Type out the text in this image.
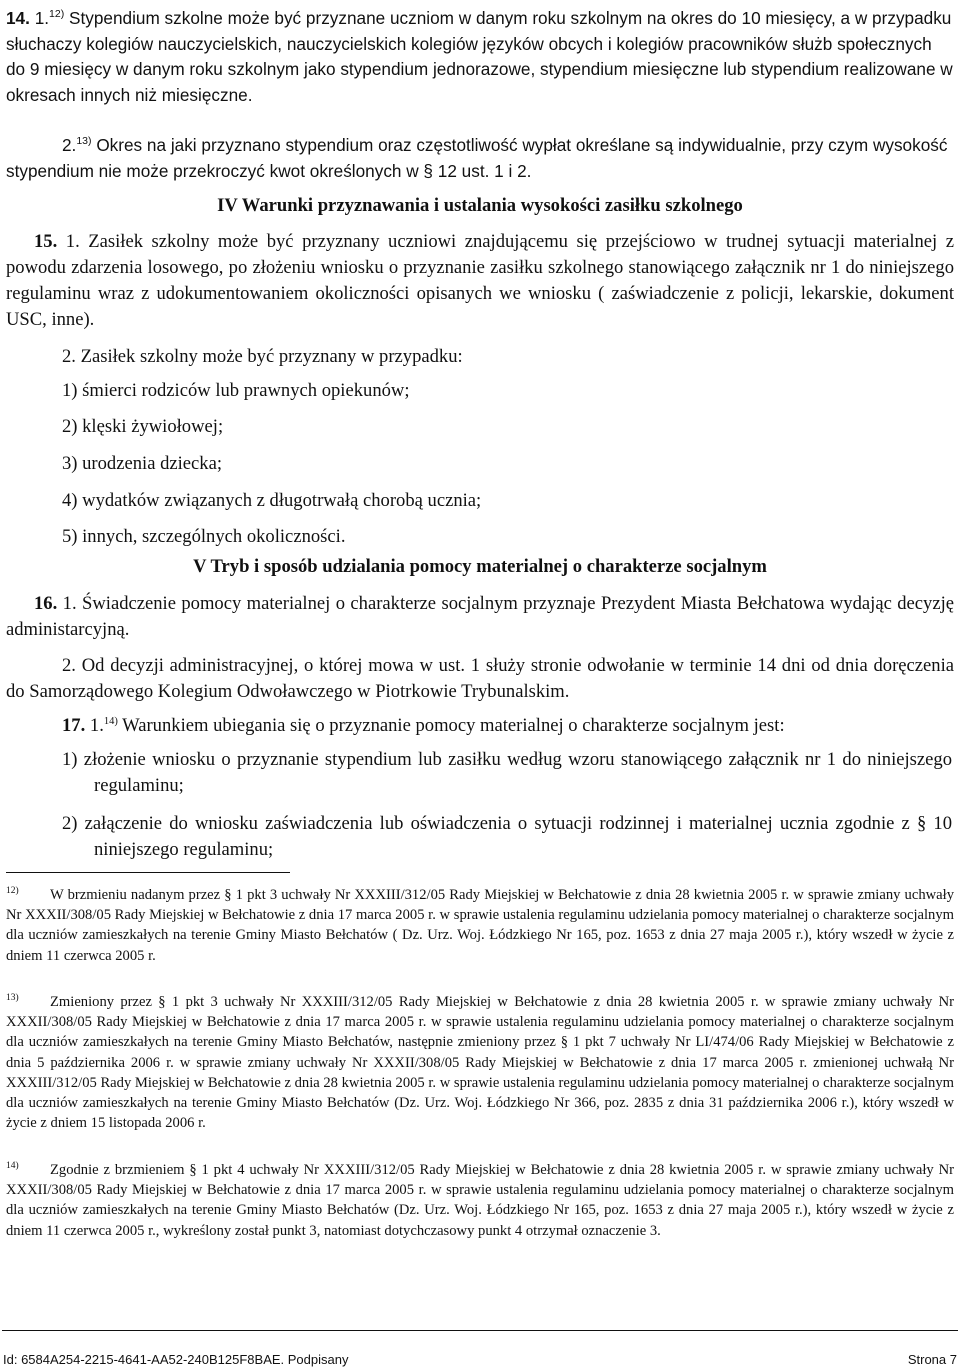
14. 1.$^{12)}$ Stypendium szkolne może być przyznane uczniom w danym roku szkolnym na okres do 10 miesięcy, a w przypadku słuchaczy kolegiów nauczycielskich, nauczycielskich kolegiów języków obcych i kolegiów pracowników służb społecznych do 9 miesięcy w danym roku szkolnym jako stypendium jednorazowe, stypendium miesięczne lub stypendium realizowane w okresach innych niż miesięczne.

2.$^{13)}$ Okres na jaki przyznano stypendium oraz częstotliwość wypłat określane są indywidualnie, przy czym wysokość stypendium nie może przekroczyć kwot określonych w § 12 ust. 1 i 2.

IV Warunki przyznawania i ustalania wysokości zasiłku szkolnego

15. 1. Zasiłek szkolny może być przyznany uczniowi znajdującemu się przejściowo w trudnej sytuacji materialnej z powodu zdarzenia losowego, po złożeniu wniosku o przyznanie zasiłku szkolnego stanowiącego załącznik nr 1 do niniejszego regulaminu wraz z udokumentowaniem okoliczności opisanych we wniosku ( zaświadczenie z policji, lekarskie, dokument USC, inne).

2. Zasiłek szkolny może być przyznany w przypadku:

1) śmierci rodziców lub prawnych opiekunów;

2) klęski żywiołowej;

3) urodzenia dziecka;

4) wydatków związanych z długotrwałą chorobą ucznia;

5) innych, szczególnych okoliczności.

V Tryb i sposób udzialania pomocy materialnej o charakterze socjalnym

16. 1. Świadczenie pomocy materialnej o charakterze socjalnym przyznaje Prezydent Miasta Bełchatowa wydając decyzję administarcyjną.

2. Od decyzji administracyjnej, o której mowa w ust. 1 służy stronie odwołanie w terminie 14 dni od dnia doręczenia do Samorządowego Kolegium Odwoławczego w Piotrkowie Trybunalskim.

17. 1.$^{14)}$ Warunkiem ubiegania się o przyznanie pomocy materialnej o charakterze socjalnym jest:

1) złożenie wniosku o przyznanie stypendium lub zasiłku według wzoru stanowiącego załącznik nr 1 do niniejszego regulaminu;

2) załączenie do wniosku zaświadczenia lub oświadczenia o sytuacji rodzinnej i materialnej ucznia zgodnie z § 10 niniejszego regulaminu;

12) W brzmieniu nadanym przez § 1 pkt 3 uchwały Nr XXXIII/312/05 Rady Miejskiej w Bełchatowie z dnia 28 kwietnia 2005 r. w sprawie zmiany uchwały Nr XXXII/308/05 Rady Miejskiej w Bełchatowie z dnia 17 marca 2005 r. w sprawie ustalenia regulaminu udzielania pomocy materialnej o charakterze socjalnym dla uczniów zamieszkałych na terenie Gminy Miasto Bełchatów ( Dz. Urz. Woj. Łódzkiego Nr 165, poz. 1653 z dnia 27 maja 2005 r.), który wszedł w życie z dniem 11 czerwca 2005 r.

13) Zmieniony przez § 1 pkt 3 uchwały Nr XXXIII/312/05 Rady Miejskiej w Bełchatowie z dnia 28 kwietnia 2005 r. w sprawie zmiany uchwały Nr XXXII/308/05 Rady Miejskiej w Bełchatowie z dnia 17 marca 2005 r. w sprawie ustalenia regulaminu udzielania pomocy materialnej o charakterze socjalnym dla uczniów zamieszkałych na terenie Gminy Miasto Bełchatów, następnie zmieniony przez § 1 pkt 7 uchwały Nr LI/474/06 Rady Miejskiej w Bełchatowie z dnia 5 października 2006 r. w sprawie zmiany uchwały Nr XXXII/308/05 Rady Miejskiej w Bełchatowie z dnia 17 marca 2005 r. zmienionej uchwałą Nr XXXIII/312/05 Rady Miejskiej w Bełchatowie z dnia 28 kwietnia 2005 r. w sprawie ustalenia regulaminu udzielania pomocy materialnej o charakterze socjalnym dla uczniów zamieszkałych na terenie Gminy Miasto Bełchatów (Dz. Urz. Woj. Łódzkiego Nr 366, poz. 2835 z dnia 31 października 2006 r.), który wszedł w życie z dniem 15 listopada 2006 r.

14) Zgodnie z brzmieniem § 1 pkt 4 uchwały Nr XXXIII/312/05 Rady Miejskiej w Bełchatowie z dnia 28 kwietnia 2005 r. w sprawie zmiany uchwały Nr XXXII/308/05 Rady Miejskiej w Bełchatowie z dnia 17 marca 2005 r. w sprawie ustalenia regulaminu udzielania pomocy materialnej o charakterze socjalnym dla uczniów zamieszkałych na terenie Gminy Miasto Bełchatów (Dz. Urz. Woj. Łódzkiego Nr 165, poz. 1653 z dnia 27 maja 2005 r.), który wszedł w życie z dniem 11 czerwca 2005 r., wykreślony został punkt 3, natomiast dotychczasowy punkt 4 otrzymał oznaczenie 3.

Id: 6584A254-2215-4641-AA52-240B125F8BAE. Podpisany	Strona 7
